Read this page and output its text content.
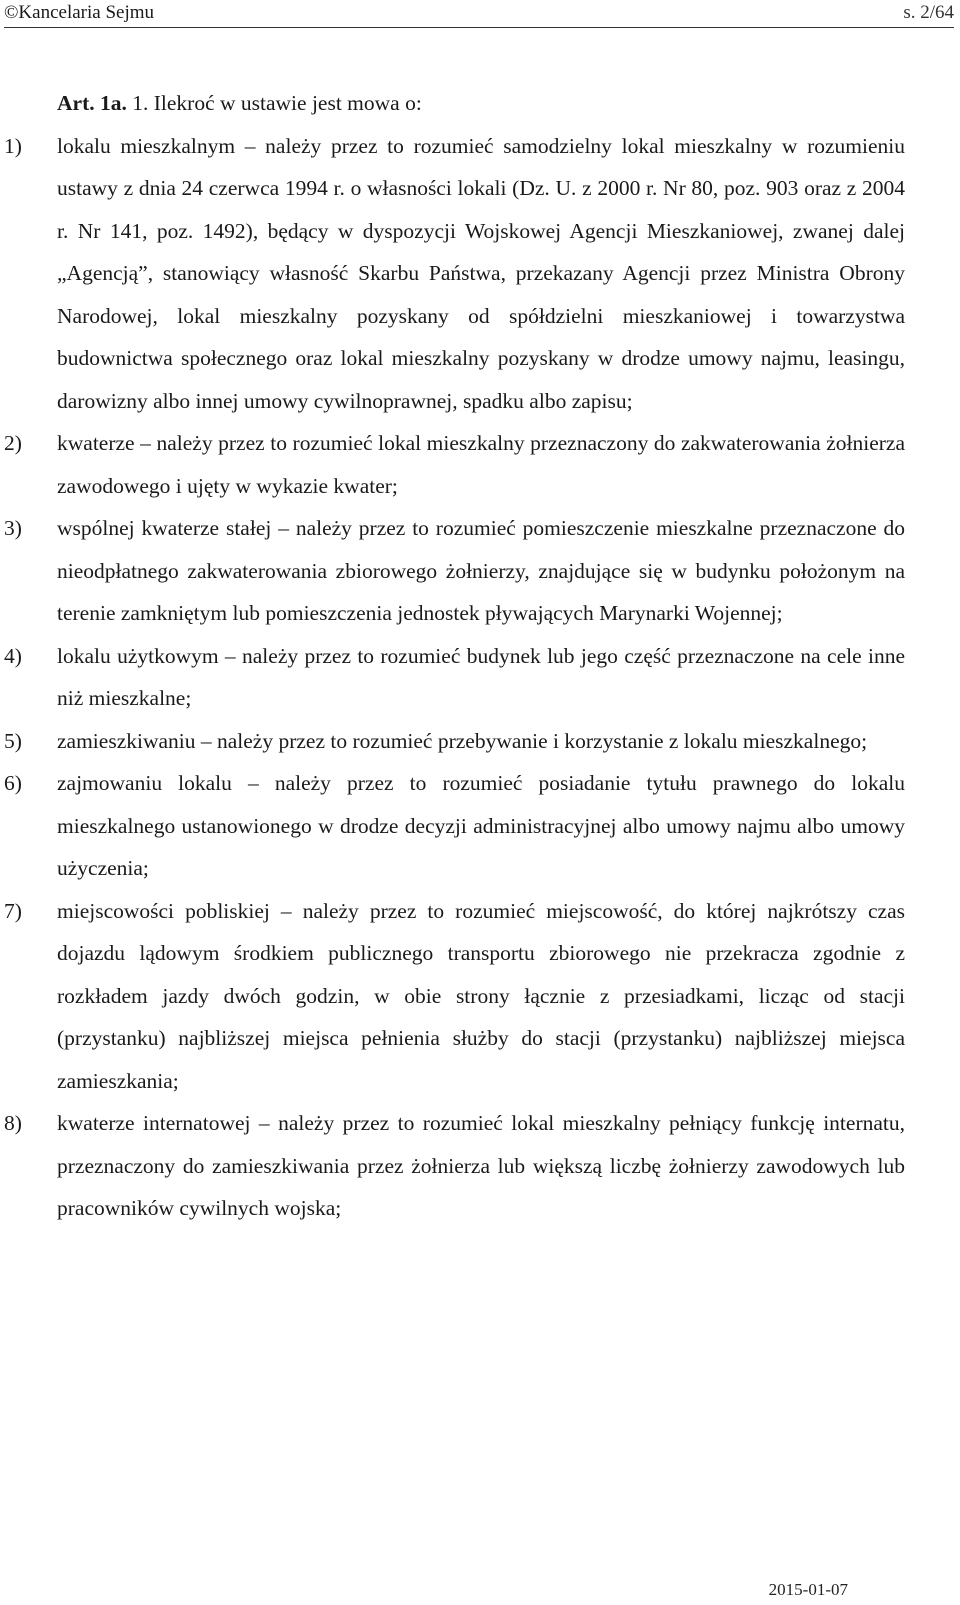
©Kancelaria Sejmu	s. 2/64
Art. 1a. 1. Ilekroć w ustawie jest mowa o:
1)	lokalu mieszkalnym – należy przez to rozumieć samodzielny lokal mieszkalny w rozumieniu ustawy z dnia 24 czerwca 1994 r. o własności lokali (Dz. U. z 2000 r. Nr 80, poz. 903 oraz z 2004 r. Nr 141, poz. 1492), będący w dyspozycji Wojskowej Agencji Mieszkaniowej, zwanej dalej „Agencją”, stanowiący własność Skarbu Państwa, przekazany Agencji przez Ministra Obrony Narodowej, lokal mieszkalny pozyskany od spółdzielni mieszkaniowej i towarzystwa budownictwa społecznego oraz lokal mieszkalny pozyskany w drodze umowy najmu, leasingu, darowizny albo innej umowy cywilnoprawnej, spadku albo zapisu;
2)	kwaterze – należy przez to rozumieć lokal mieszkalny przeznaczony do zakwaterowania żołnierza zawodowego i ujęty w wykazie kwater;
3)	wspólnej kwaterze stałej – należy przez to rozumieć pomieszczenie mieszkalne przeznaczone do nieodpłatnego zakwaterowania zbiorowego żołnierzy, znajdujące się w budynku położonym na terenie zamkniętym lub pomieszczenia jednostek pływających Marynarki Wojennej;
4)	lokalu użytkowym – należy przez to rozumieć budynek lub jego część przeznaczone na cele inne niż mieszkalne;
5)	zamieszkiwaniu – należy przez to rozumieć przebywanie i korzystanie z lokalu mieszkalnego;
6)	zajmowaniu lokalu – należy przez to rozumieć posiadanie tytułu prawnego do lokalu mieszkalnego ustanowionego w drodze decyzji administracyjnej albo umowy najmu albo umowy użyczenia;
7)	miejscowości pobliskiej – należy przez to rozumieć miejscowość, do której najkrótszy czas dojazdu lądowym środkiem publicznego transportu zbiorowego nie przekracza zgodnie z rozkładem jazdy dwóch godzin, w obie strony łącznie z przesiadkami, licząc od stacji (przystanku) najbliższej miejsca pełnienia służby do stacji (przystanku) najbliższej miejsca zamieszkania;
8)	kwaterze internatowej – należy przez to rozumieć lokal mieszkalny pełniący funkcję internatu, przeznaczony do zamieszkiwania przez żołnierza lub większą liczbę żołnierzy zawodowych lub pracowników cywilnych wojska;
2015-01-07
